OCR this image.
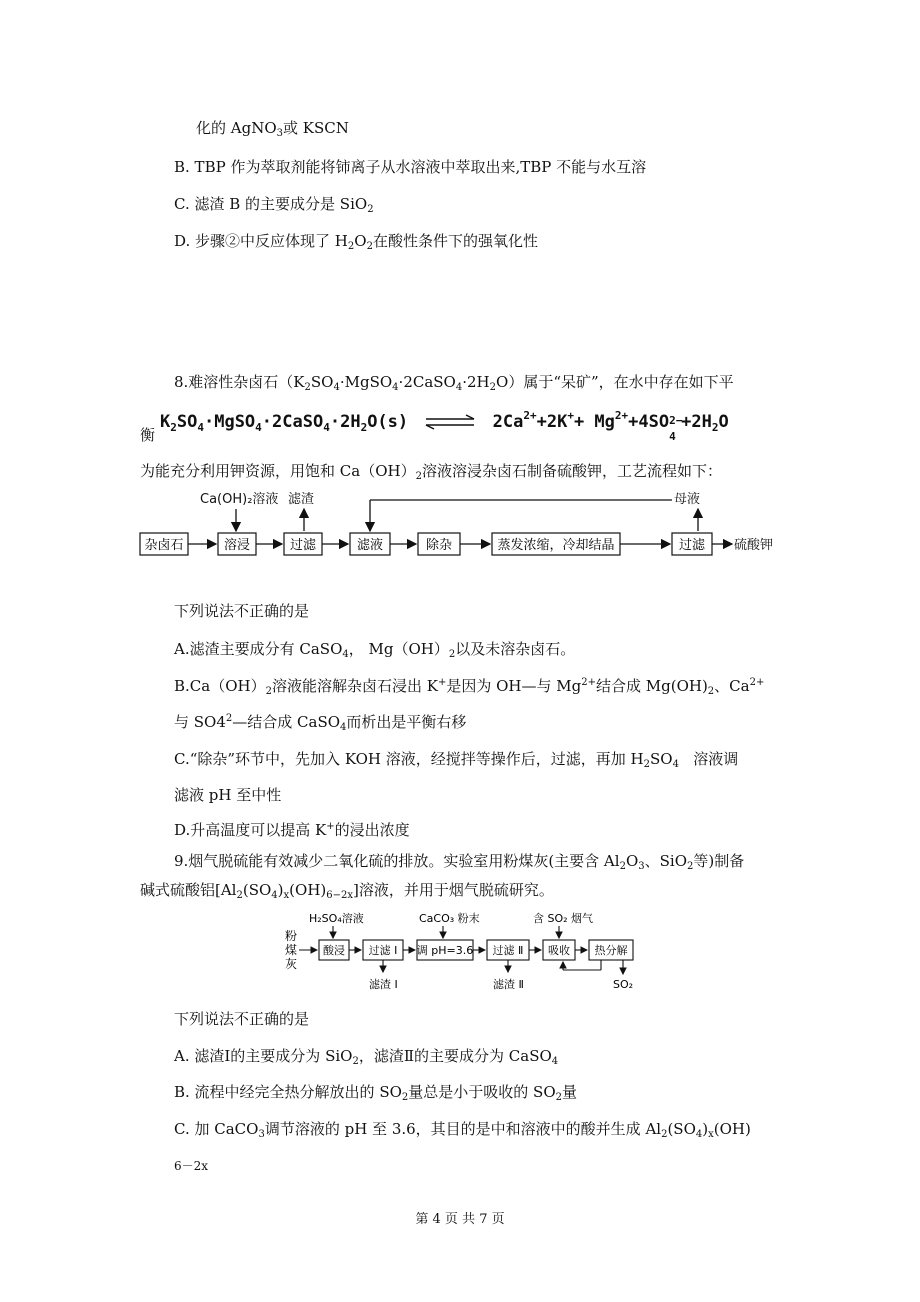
化的 AgNO$_3$或 KSCN
B. TBP 作为萃取剂能将铈离子从水溶液中萃取出来,TBP 不能与水互溶
C. 滤渣 B 的主要成分是 SiO$_2$
D. 步骤②中反应体现了 $H_2O_2$在酸性条件下的强氧化性
8.难溶性杂卤石$(K_2SO_4\cdot MgSO_4\cdot 2CaSO_4\cdot 2H_2O)$属于“呆矿”，在水中存在如下平
衡
$K_2SO_4\cdot MgSO_4\cdot 2CaSO_4\cdot 2H_2O(s)$ ⇌ $2Ca^{2+}+2K^++ Mg^{2+}+4SO$ 2−
4
$+2H_2O$
为能充分利用钾资源，用饱和 $Ca(OH)_2$溶液溶浸杂卤石制备硫酸钾，工艺流程如下：
Ca(OH)₂溶液 滤渣	母液
杂卤石	溶浸	过滤	滤液	除杂	蒸发浓缩，冷却结晶	过滤 硫酸钾
下列说法不正确的是
A.滤渣主要成分有 CaSO$_4$， $Mg(OH)_2$以及未溶杂卤石。
$B.Ca(OH)_2$溶液能溶解杂卤石浸出 K+是因为 OH—与 $Mg^{2+}$结合成 $Mg(OH)_2$、$Ca^{2+}$
与 $SO4^2—$结合成 CaSO$_4$而析出是平衡右移
C.“除杂”环节中，先加入 KOH 溶液，经搅拌等操作后，过滤，再加 $H_2SO_4$ 溶液调
滤液 pH 至中性
D.升高温度可以提高 K+的浸出浓度
9.烟气脱硫能有效减少二氧化硫的排放。实验室用粉煤灰(主要含 $Al_2O_3$、SiO$_2$等)制备
碱式硫酸铝$[Al_2(SO_4)_x(OH)_{6-2x}]$溶液，并用于烟气脱硫研究。
粉
煤
灰
H₂SO₄溶液	CaCO₃ 粉末	含 SO₂ 烟气
酸浸 过滤 Ⅰ 调 pH=3.6 过滤 Ⅱ 吸收 热分解
SO₂
滤渣 Ⅰ	滤渣 Ⅱ
下列说法不正确的是
A. 滤渣Ⅰ的主要成分为 SiO$_2$，滤渣Ⅱ的主要成分为 CaSO$_4$
B. 流程中经完全热分解放出的 $SO_2$量总是小于吸收的 $SO_2$量
C. 加 CaCO$_3$调节溶液的 pH 至 3.6，其目的是中和溶液中的酸并生成 $Al_2(SO_4)_x(OH)$
6－2x
第 4 页 共 7 页
